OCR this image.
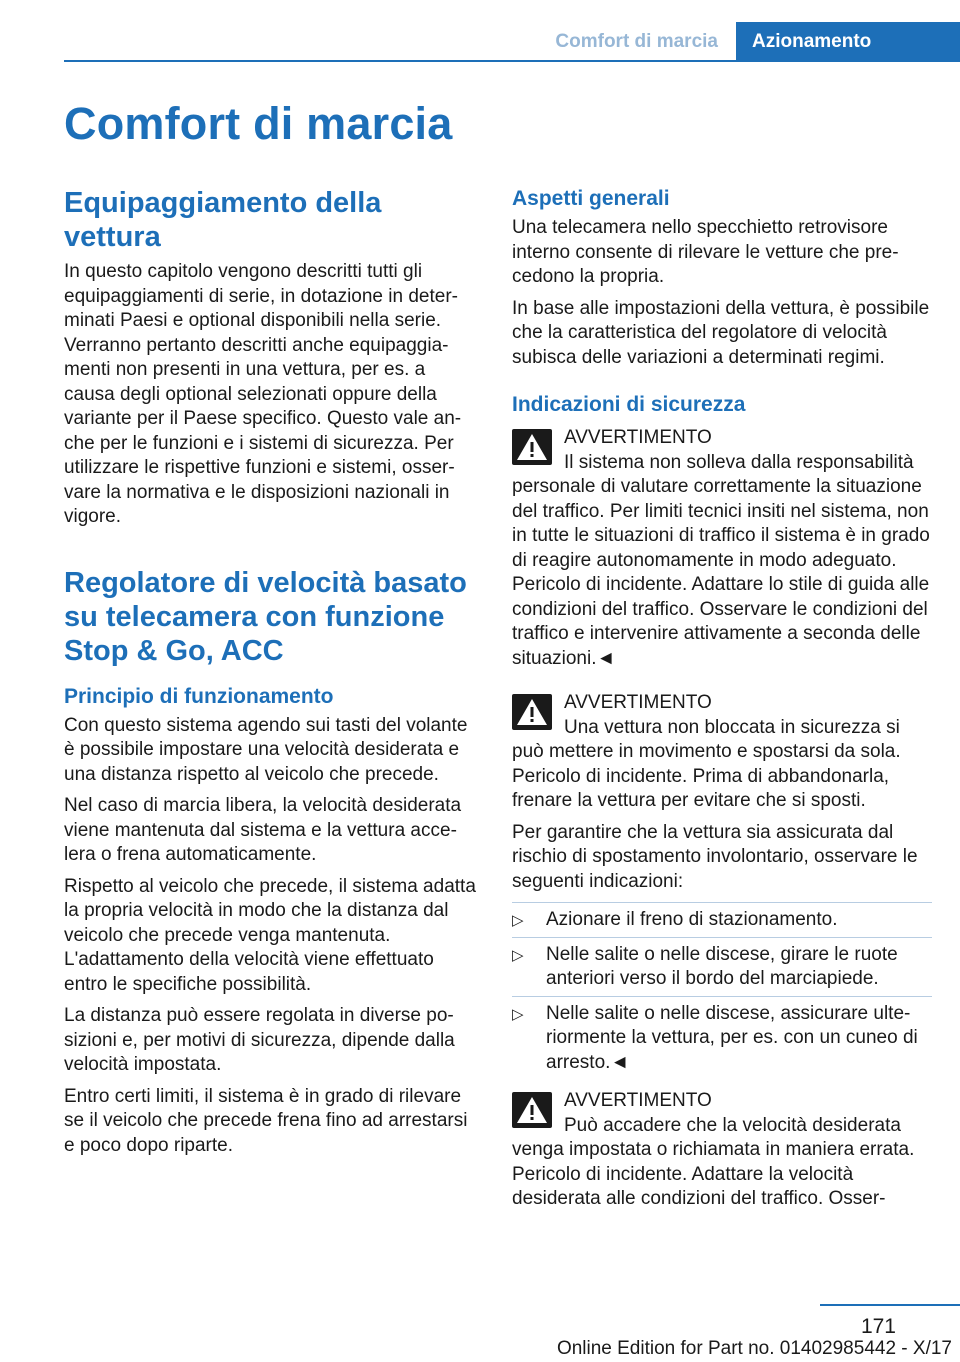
Comfort di marcia	Azionamento
Comfort di marcia
Equipaggiamento della vettura

In questo capitolo vengono descritti tutti gli equipaggiamenti di serie, in dotazione in determinati Paesi e optional disponibili nella serie. Verranno pertanto descritti anche equipaggiamenti non presenti in una vettura, per es. a causa degli optional selezionati oppure della variante per il Paese specifico. Questo vale anche per le funzioni e i sistemi di sicurezza. Per utilizzare le rispettive funzioni e sistemi, osservare la normativa e le disposizioni nazionali in vigore.

Regolatore di velocità basato su telecamera con funzione Stop & Go, ACC
Principio di funzionamento

Con questo sistema agendo sui tasti del volante è possibile impostare una velocità desiderata e una distanza rispetto al veicolo che precede.

Nel caso di marcia libera, la velocità desiderata viene mantenuta dal sistema e la vettura accelera o frena automaticamente.

Rispetto al veicolo che precede, il sistema adatta la propria velocità in modo che la distanza dal veicolo che precede venga mantenuta. L'adattamento della velocità viene effettuato entro le specifiche possibilità.

La distanza può essere regolata in diverse posizioni e, per motivi di sicurezza, dipende dalla velocità impostata.

Entro certi limiti, il sistema è in grado di rilevare se il veicolo che precede frena fino ad arrestarsi e poco dopo riparte.

Aspetti generali

Una telecamera nello specchietto retrovisore interno consente di rilevare le vetture che precedono la propria.

In base alle impostazioni della vettura, è possibile che la caratteristica del regolatore di velocità subisca delle variazioni a determinati regimi.

Indicazioni di sicurezza
AVVERTIMENTO
Il sistema non solleva dalla responsabilità
personale di valutare correttamente la situazione del traffico. Per limiti tecnici insiti nel sistema, non in tutte le situazioni di traffico il sistema è in grado di reagire autonomamente in modo adeguato. Pericolo di incidente. Adattare lo stile di guida alle condizioni del traffico. Osservare le condizioni del traffico e intervenire attivamente a seconda delle situazioni.◄
AVVERTIMENTO
Una vettura non bloccata in sicurezza si
può mettere in movimento e spostarsi da sola. Pericolo di incidente. Prima di abbandonarla, frenare la vettura per evitare che si sposti.

Per garantire che la vettura sia assicurata dal rischio di spostamento involontario, osservare le seguenti indicazioni:

▷ Azionare il freno di stazionamento.
▷ Nelle salite o nelle discese, girare le ruote anteriori verso il bordo del marciapiede.
▷ Nelle salite o nelle discese, assicurare ulteriormente la vettura, per es. con un cuneo di arresto.◄
AVVERTIMENTO
Può accadere che la velocità desiderata
venga impostata o richiamata in maniera errata. Pericolo di incidente. Adattare la velocità desiderata alle condizioni del traffico. Osser-
171
Online Edition for Part no. 01402985442 - X/17
